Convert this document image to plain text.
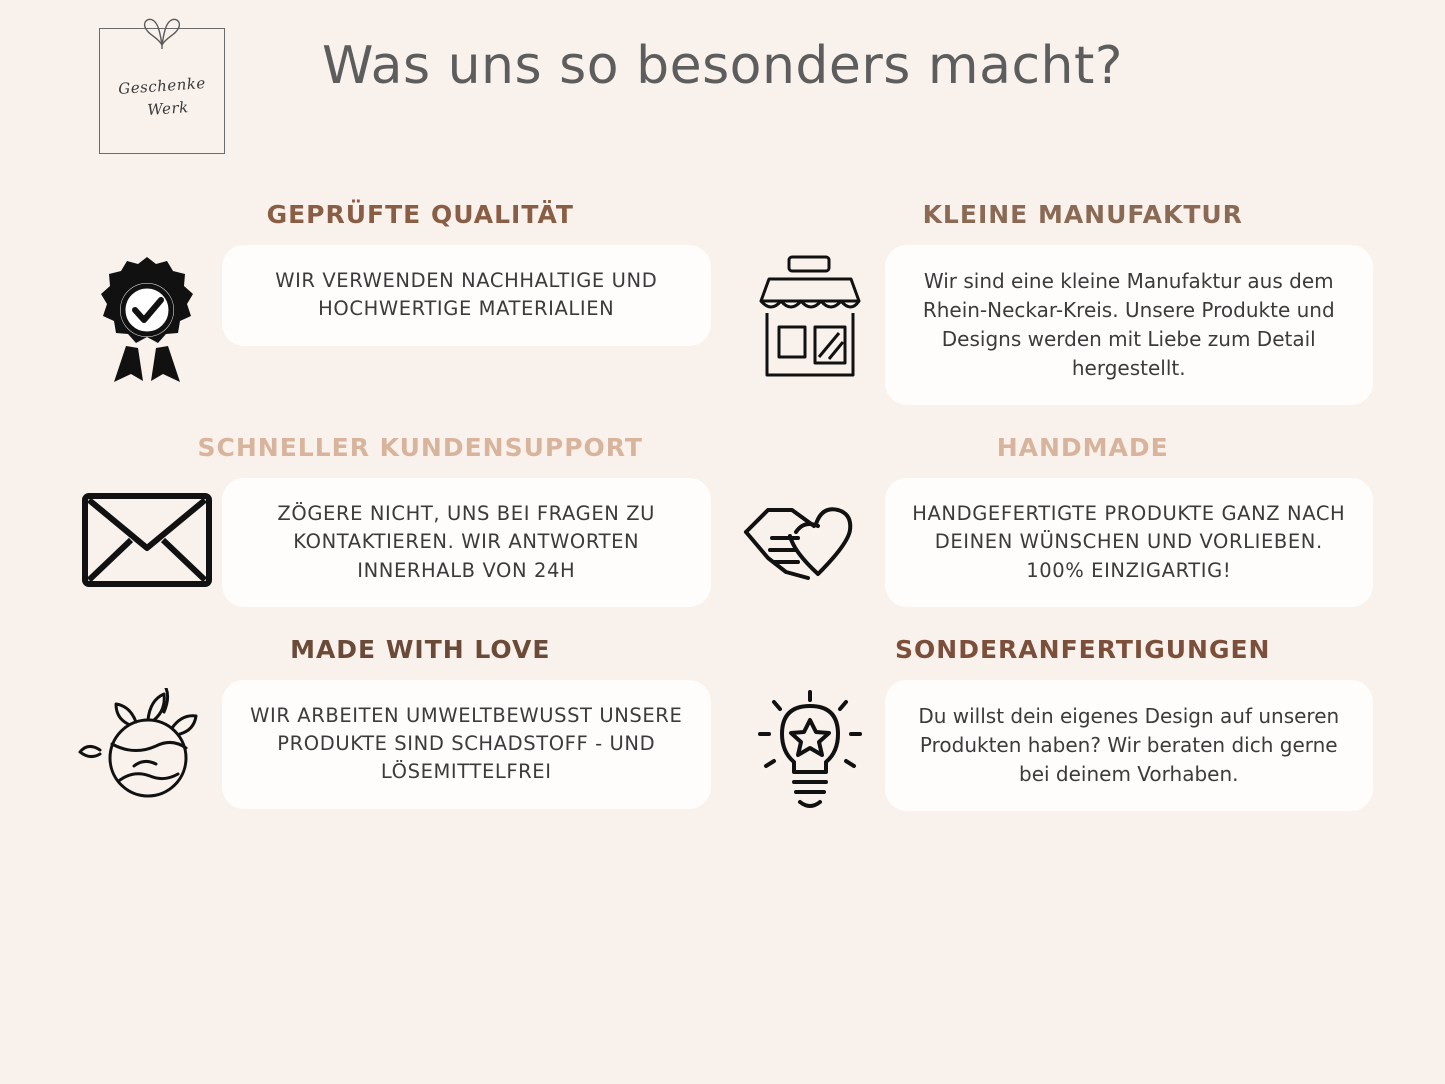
Geschenke
Werk
Was uns so besonders macht?
GEPRÜFTE QUALITÄT

WIR VERWENDEN NACHHALTIGE UND HOCHWERTIGE MATERIALIEN

KLEINE MANUFAKTUR

Wir sind eine kleine Manufaktur aus dem Rhein-Neckar-Kreis. Unsere Produkte und Designs werden mit Liebe zum Detail hergestellt.

SCHNELLER KUNDENSUPPORT

ZÖGERE NICHT, UNS BEI FRAGEN ZU KONTAKTIEREN. WIR ANTWORTEN INNERHALB VON 24H

HANDMADE

HANDGEFERTIGTE PRODUKTE GANZ NACH DEINEN WÜNSCHEN UND VORLIEBEN. 100% EINZIGARTIG!

MADE WITH LOVE

WIR ARBEITEN UMWELTBEWUSST UNSERE PRODUKTE SIND SCHADSTOFF - UND LÖSEMITTELFREI

SONDERANFERTIGUNGEN

Du willst dein eigenes Design auf unseren Produkten haben? Wir beraten dich gerne bei deinem Vorhaben.
